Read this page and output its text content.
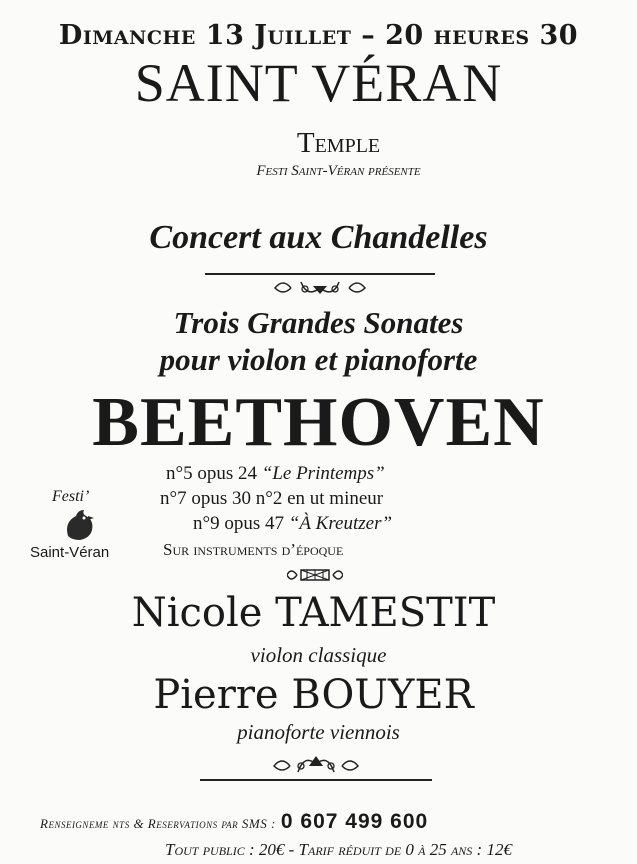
Dimanche 13 Juillet – 20 heures 30
SAINT VÉRAN
Temple
Festi Saint-Véran présente
Concert aux Chandelles
Trois Grandes Sonates
pour violon et pianoforte
BEETHOVEN
n°5 opus 24 “Le Printemps”
n°7 opus 30 n°2 en ut mineur
n°9 opus 47 “À Kreutzer”
Sur instruments d’époque
Festi’
Saint-Véran
Nicole TAMESTIT
violon classique
Pierre BOUYER
pianoforte viennois
Renseigneme nts & Reservations par SMS : 0 607 499 600
Tout public : 20€ - Tarif réduit de 0 à 25 ans : 12€
